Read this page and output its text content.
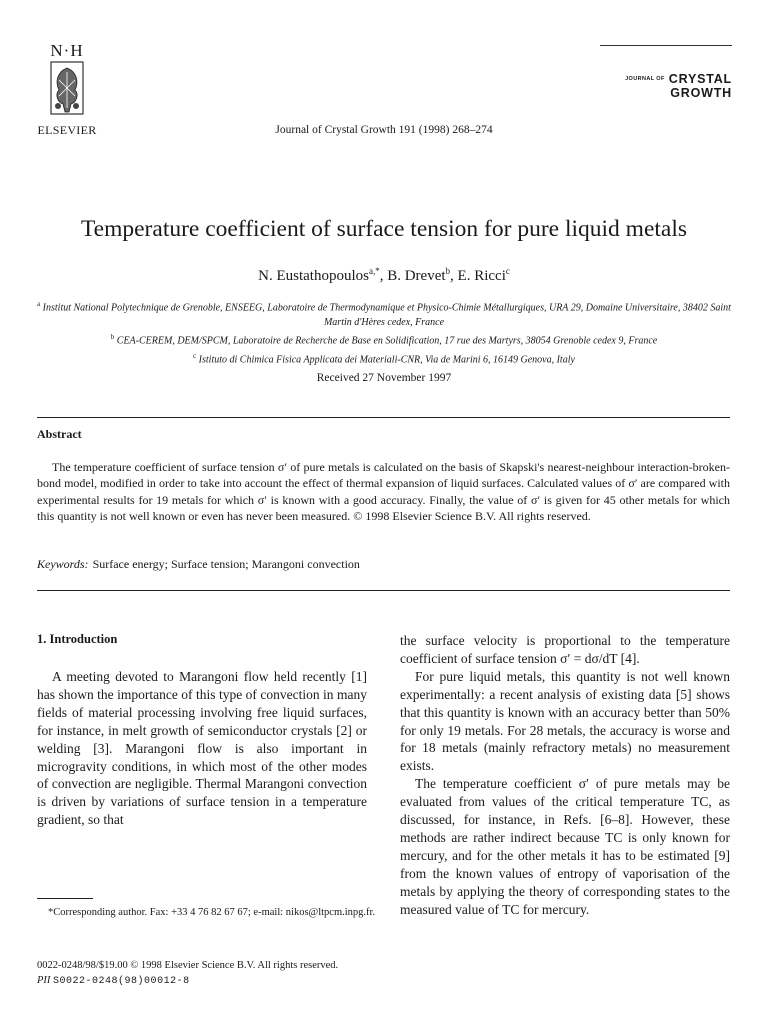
N·H
ELSEVIER	Journal of Crystal Growth 191 (1998) 268–274
$^{JOURNAL OF}$ CRYSTAL
GROWTH
Temperature coefficient of surface tension for pure liquid metals
N. Eustathopoulos$^{a,*}$, B. Drevet$^b$, E. Ricci$^c$
$^a$ Institut National Polytechnique de Grenoble, ENSEEG, Laboratoire de Thermodynamique et Physico-Chimie Métallurgiques, URA 29, Domaine Universitaire, 38402 Saint Martin d'Hères cedex, France
$^b$ CEA-CEREM, DEM/SPCM, Laboratoire de Recherche de Base en Solidification, 17 rue des Martyrs, 38054 Grenoble cedex 9, France
$^c$ Istituto di Chimica Fisica Applicata dei Materiali-CNR, Via de Marini 6, 16149 Genova, Italy
Received 27 November 1997
Abstract
The temperature coefficient of surface tension σ′ of pure metals is calculated on the basis of Skapski's nearest-neighbour interaction-broken-bond model, modified in order to take into account the effect of thermal expansion of liquid surfaces. Calculated values of σ′ are compared with experimental results for 19 metals for which σ′ is known with a good accuracy. Finally, the value of σ′ is given for 45 other metals for which this quantity is not well known or even has never been measured. © 1998 Elsevier Science B.V. All rights reserved.
Keywords: Surface energy; Surface tension; Marangoni convection
1. Introduction

A meeting devoted to Marangoni flow held recently [1] has shown the importance of this type of convection in many fields of material processing involving free liquid surfaces, for instance, in melt growth of semiconductor crystals [2] or welding [3]. Marangoni flow is also important in microgravity conditions, in which most of the other modes of convection are negligible. Thermal Marangoni convection is driven by variations of surface tension in a temperature gradient, so that

the surface velocity is proportional to the temperature coefficient of surface tension σ′ = dσ/dT [4].

For pure liquid metals, this quantity is not well known experimentally: a recent analysis of existing data [5] shows that this quantity is known with an accuracy better than 50% for only 19 metals. For 28 metals, the accuracy is worse and for 18 metals (mainly refractory metals) no measurement exists.

The temperature coefficient σ′ of pure metals may be evaluated from values of the critical temperature TC, as discussed, for instance, in Refs. [6–8]. However, these methods are rather indirect because TC is only known for mercury, and for the other metals it has to be estimated [9] from the known values of entropy of vaporisation of the metals by applying the theory of corresponding states to the measured value of TC for mercury.

*Corresponding author. Fax: +33 4 76 82 67 67; e-mail: nikos@ltpcm.inpg.fr.
0022-0248/98/$19.00 © 1998 Elsevier Science B.V. All rights reserved.
PII S0022-0248(98)00012-8
